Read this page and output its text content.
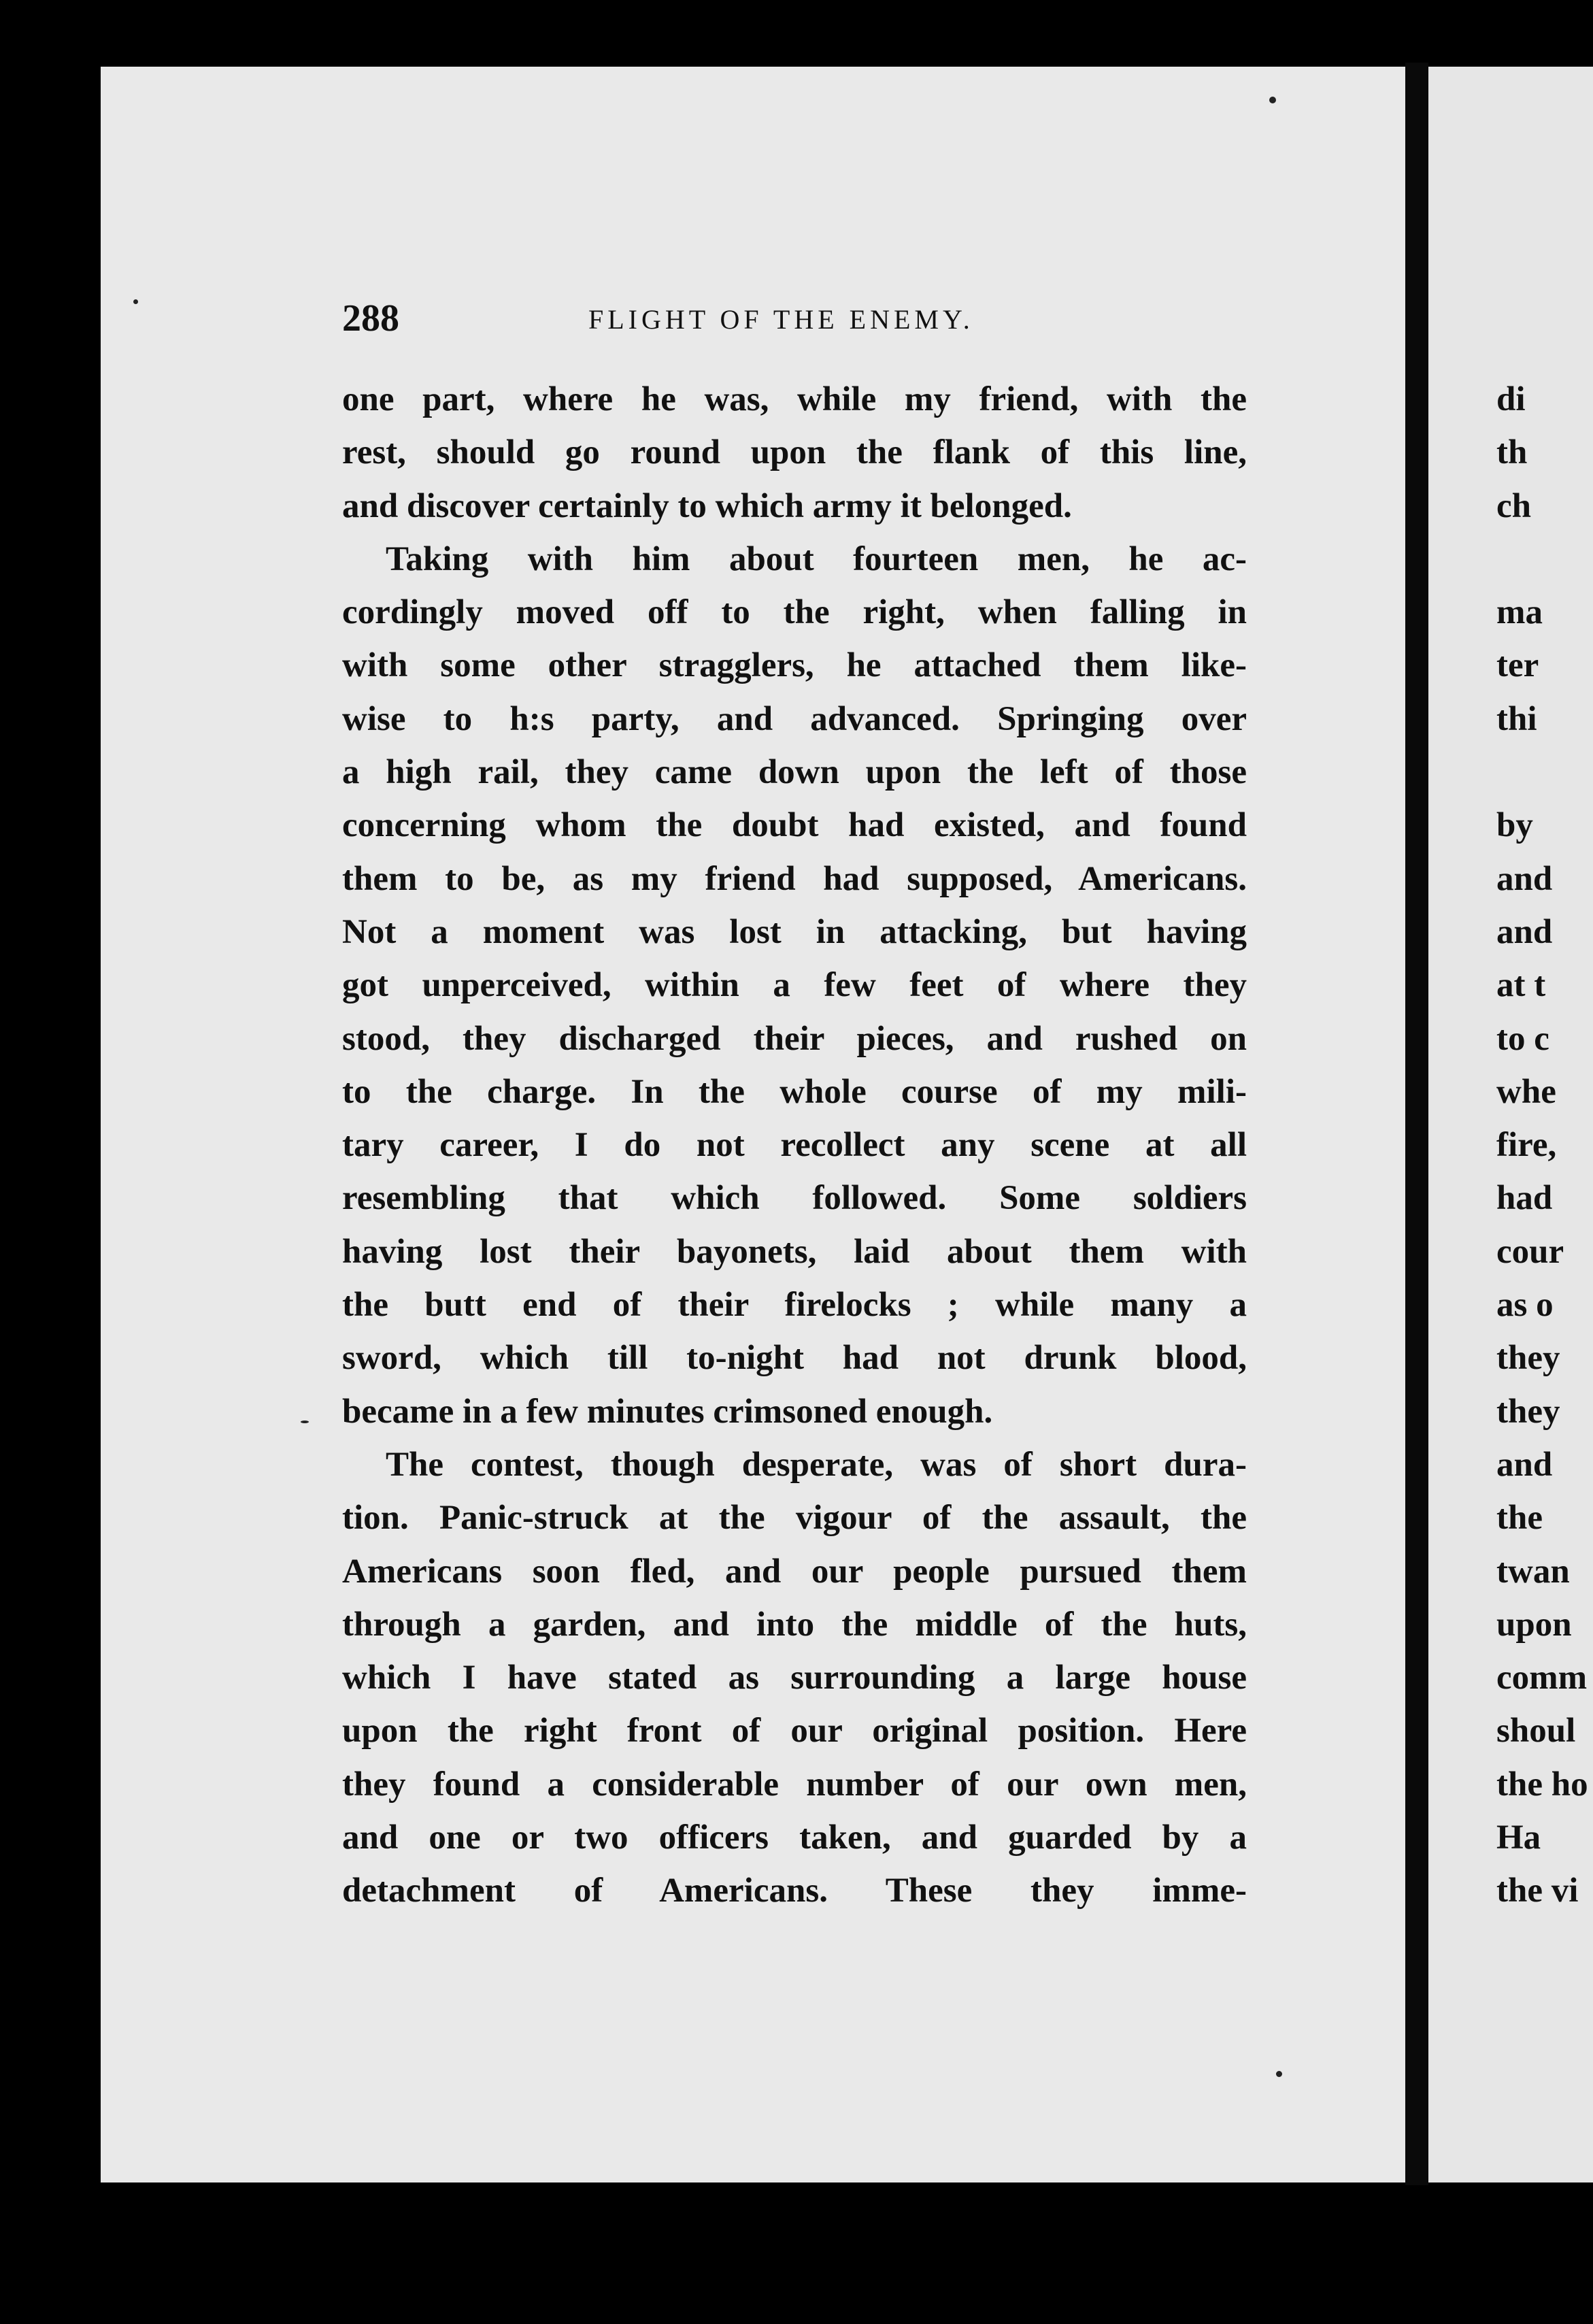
288	FLIGHT OF THE ENEMY.
one part, where he was, while my friend, with the
rest, should go round upon the flank of this line,
and discover certainly to which army it belonged.
Taking with him about fourteen men, he ac-
cordingly moved off to the right, when falling in
with some other stragglers, he attached them like-
wise to h:s party, and advanced. Springing over
a high rail, they came down upon the left of those
concerning whom the doubt had existed, and found
them to be, as my friend had supposed, Americans.
Not a moment was lost in attacking, but having
got unperceived, within a few feet of where they
stood, they discharged their pieces, and rushed on
to the charge. In the whole course of my mili-
tary career, I do not recollect any scene at all
resembling that which followed. Some soldiers
having lost their bayonets, laid about them with
the butt end of their firelocks ; while many a
sword, which till to-night had not drunk blood,
became in a few minutes crimsoned enough.
The contest, though desperate, was of short dura-
tion. Panic-struck at the vigour of the assault, the
Americans soon fled, and our people pursued them
through a garden, and into the middle of the huts,
which I have stated as surrounding a large house
upon the right front of our original position. Here
they found a considerable number of our own men,
and one or two officers taken, and guarded by a
detachment of Americans. These they imme-
di
th
ch
ma
ter
thi
by
and
and
at t
to c
whe
fire,
had
cour
as o
they
they
and
the
twan
upon
comm
shoul
the ho
Ha
the vi
